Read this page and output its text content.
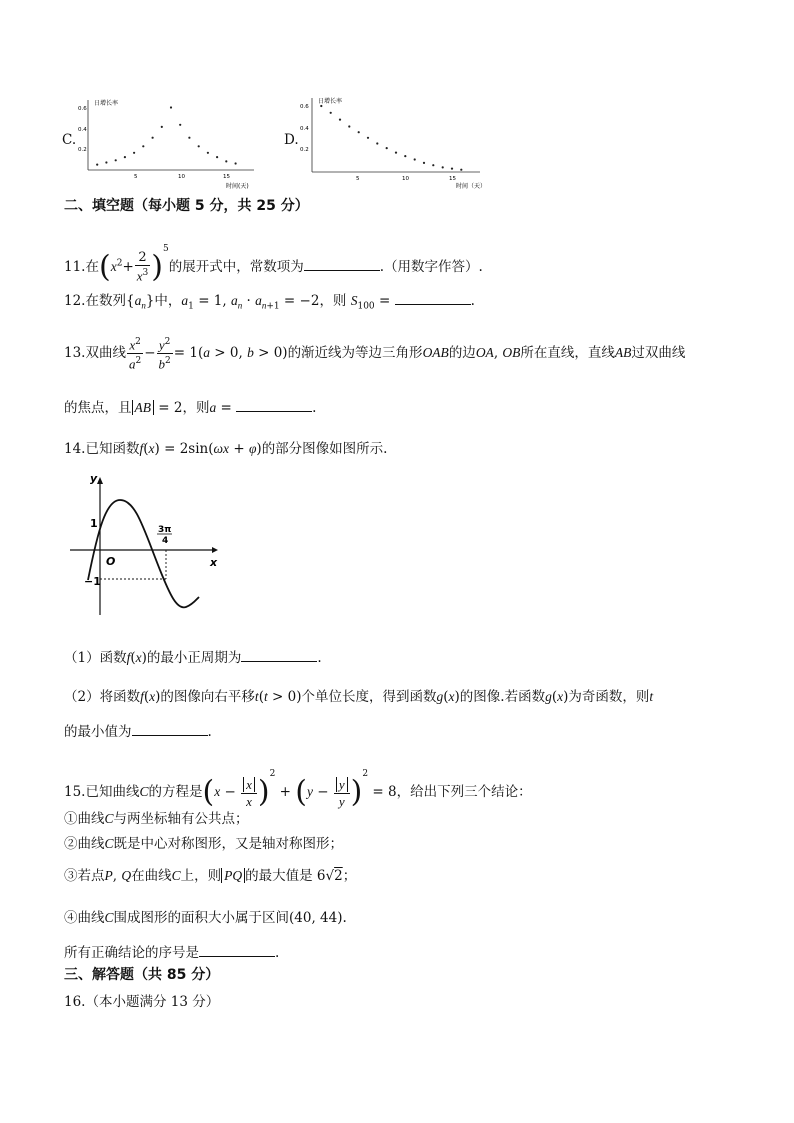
C.
日增长率
时间(天)
0.6
0.4
0.2
5	10	15
D.
日增长率
时间（天）
0.6
0.4
0.2
5	10	15
二、填空题（每小题 5 分，共 25 分）
11.在$(x^2+ \frac{2}{x^3} )^5$的展开式中，常数项为	.（用数字作答）.
12.在数列$\{a_n\}$中，$a_1 = 1$, $a_n \cdot a_{n+1} = -2$，则 $S_{100}$ =	.
13.双曲线 $\frac{x^2}{a^2} - \frac{y^2}{b^2} = 1(a > 0$, b > 0)的渐近线为等边三角形OAB的边OA, OB所在直线，直线AB过双曲线
的焦点，且 AB = 2，则a =	.
14.已知函数f(x) = 2sin(ωx + φ)的部分图像如图所示.
y
x
O
1
−1
3π
4
（1）函数f(x)的最小正周期为	.
（2）将函数f(x)的图像向右平移t(t > 0)个单位长度，得到函数g(x)的图像.若函数g(x)为奇函数，则t
的最小值为	.
15.已知曲线C的方程是$(x - \frac{x}{x} )^2 + (y - \frac{y}{y} )^2 = 8$，给出下列三个结论：
①曲线C与两坐标轴有公共点；
②曲线C既是中心对称图形，又是轴对称图形；
③若点P, Q在曲线C上，则 PQ 的最大值是 6√2；
④曲线C围成图形的面积大小属于区间(40, 44).
所有正确结论的序号是	.
三、解答题（共 85 分）
16.（本小题满分 13 分）
